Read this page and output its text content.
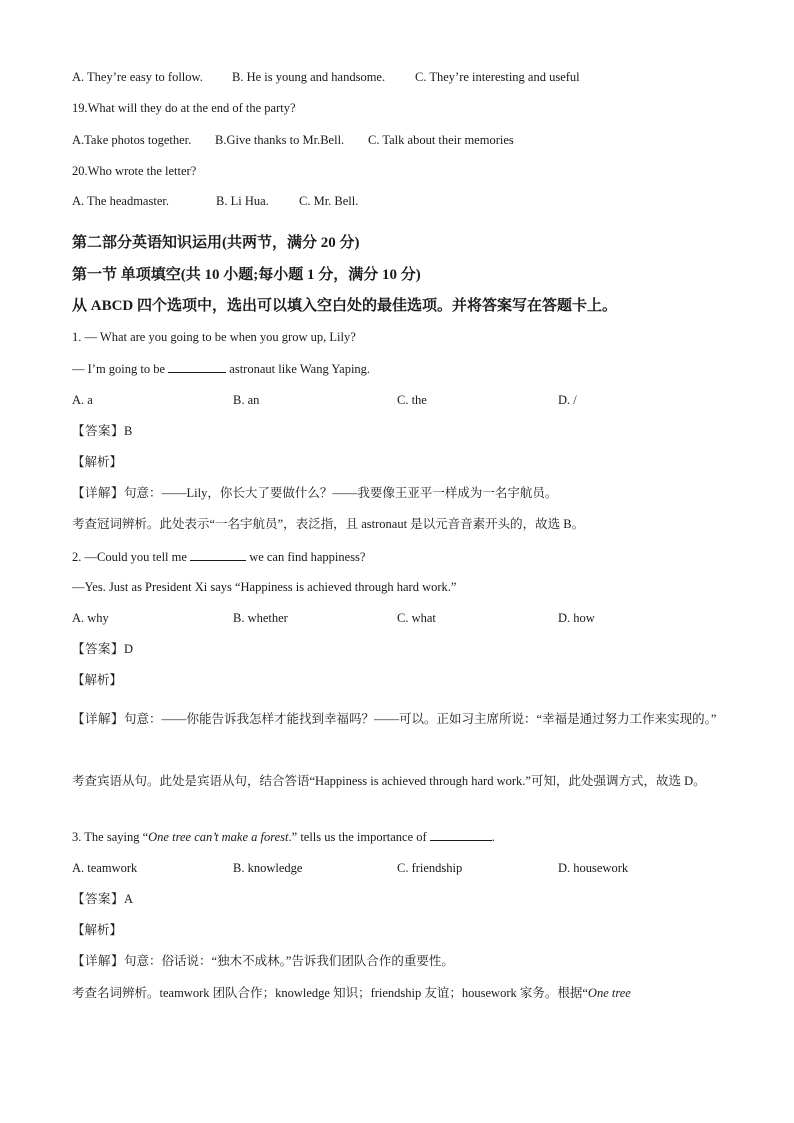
A. They’re easy to follow. B. He is young and handsome. C. They’re interesting and useful
19.What will they do at the end of the party?
A.Take photos together. B.Give thanks to Mr.Bell. C. Talk about their memories
20.Who wrote the letter?
A. The headmaster.	B. Li Hua. C. Mr. Bell.
第二部分英语知识运用(共两节，满分 20 分)
第一节 单项填空(共 10 小题;每小题 1 分，满分 10 分)
从 ABCD 四个选项中，选出可以填入空白处的最佳选项。并将答案写在答题卡上。
1. — What are you going to be when you grow up, Lily?
— I’m going to be	astronaut like Wang Yaping.
A. a	B. an	C. the	D. /
【答案】B
【解析】
【详解】句意：——Lily，你长大了要做什么？——我要像王亚平一样成为一名宇航员。
考查冠词辨析。此处表示“一名宇航员”，表泛指，且 astronaut 是以元音音素开头的，故选 B。
2. —Could you tell me	we can find happiness?
—Yes. Just as President Xi says “Happiness is achieved through hard work.”
A. why	B. whether	C. what	D. how
【答案】D
【解析】
【详解】句意：——你能告诉我怎样才能找到幸福吗？——可以。正如习主席所说：“幸福是通过努力工作来实现的。”
考查宾语从句。此处是宾语从句，结合答语“Happiness is achieved through hard work.”可知，此处强调方式，故选 D。
3. The saying “One tree can’t make a forest.” tells us the importance of	.
A. teamwork	B. knowledge	C. friendship	D. housework
【答案】A
【解析】
【详解】句意：俗话说：“独木不成林。”告诉我们团队合作的重要性。
考查名词辨析。teamwork 团队合作；knowledge 知识；friendship 友谊；housework 家务。根据“One tree
